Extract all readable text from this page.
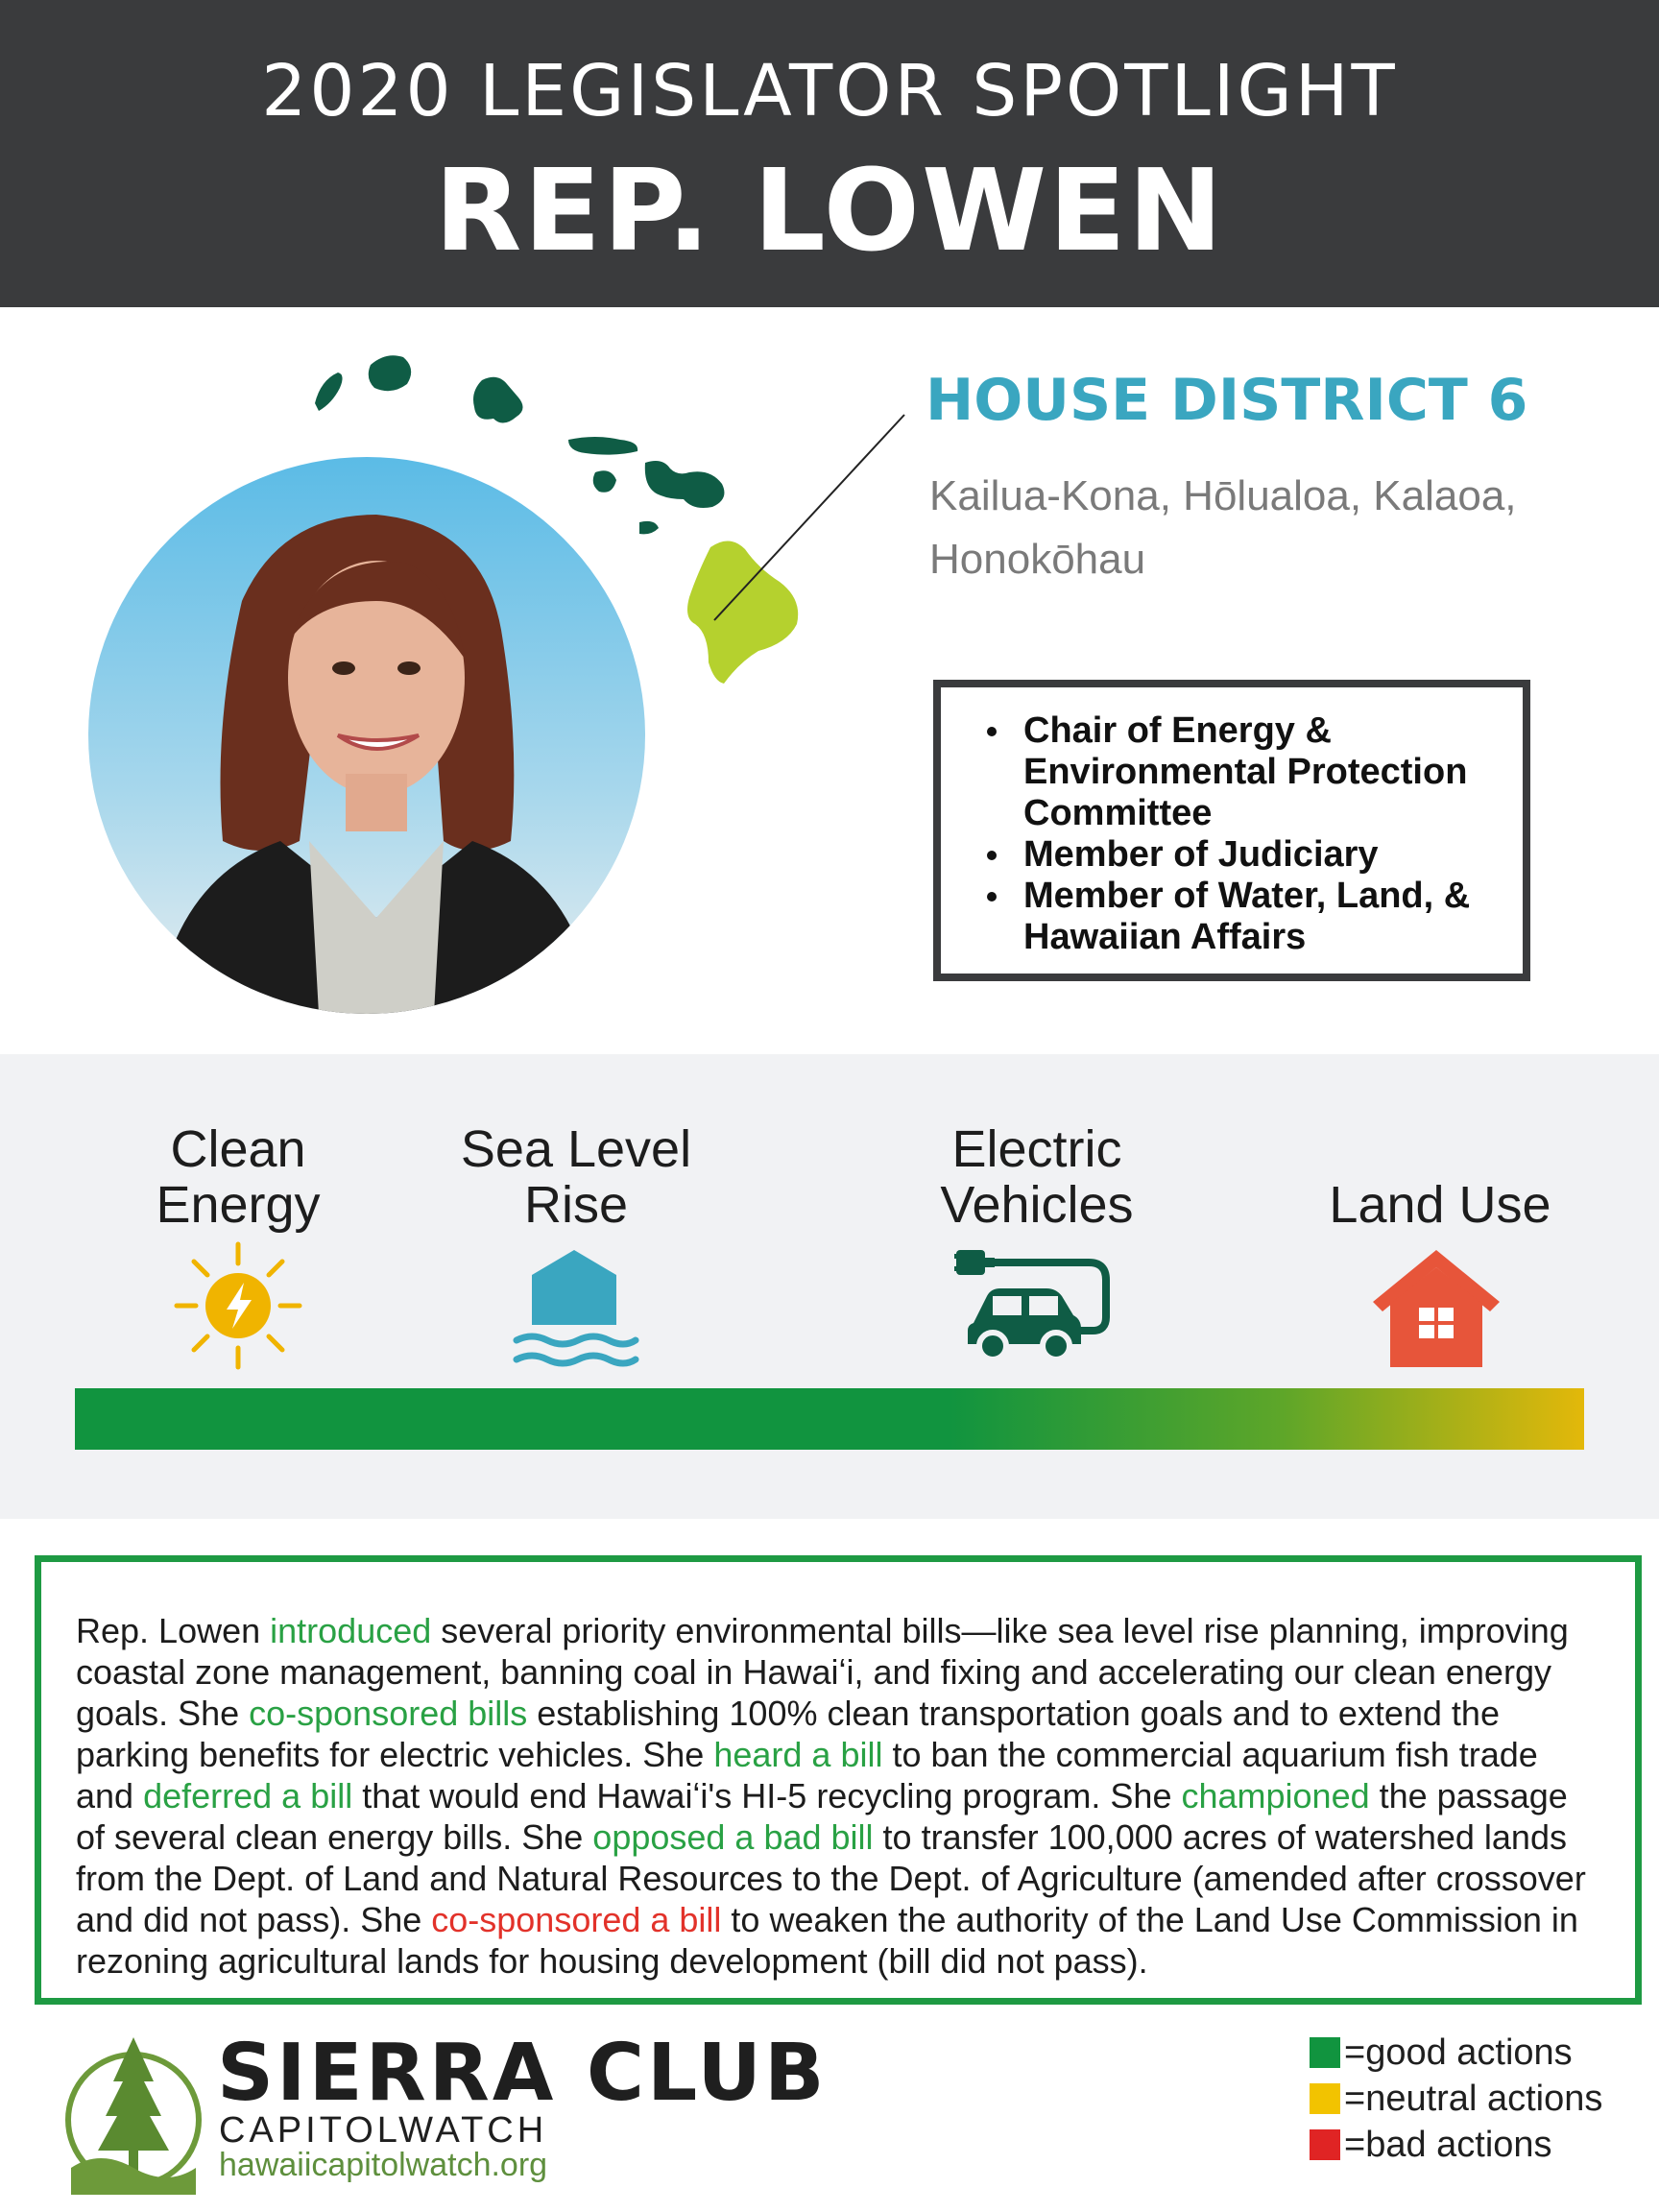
2020 LEGISLATOR SPOTLIGHT
REP. LOWEN
HOUSE DISTRICT 6
Kailua-Kona, Hōlualoa, Kalaoa,
Honokōhau
Chair of Energy &
Environmental Protection
Committee
Member of Judiciary
Member of Water, Land, &
Hawaiian Affairs
Clean
Energy
Sea Level
Rise
Electric
Vehicles	Land Use
Rep. Lowen introduced several priority environmental bills—like sea level rise planning, improving coastal zone management, banning coal in Hawaiʻi, and fixing and accelerating our clean energy goals. She co-sponsored bills establishing 100% clean transportation goals and to extend the parking benefits for electric vehicles. She heard a bill to ban the commercial aquarium fish trade and deferred a bill that would end Hawaiʻi's HI-5 recycling program. She championed the passage of several clean energy bills. She opposed a bad bill to transfer 100,000 acres of watershed lands from the Dept. of Land and Natural Resources to the Dept. of Agriculture (amended after crossover and did not pass). She co-sponsored a bill to weaken the authority of the Land Use Commission in rezoning agricultural lands for housing development (bill did not pass).
SIERRA CLUB
CAPITOLWATCH
hawaiicapitolwatch.org
=good actions
=neutral actions
=bad actions
